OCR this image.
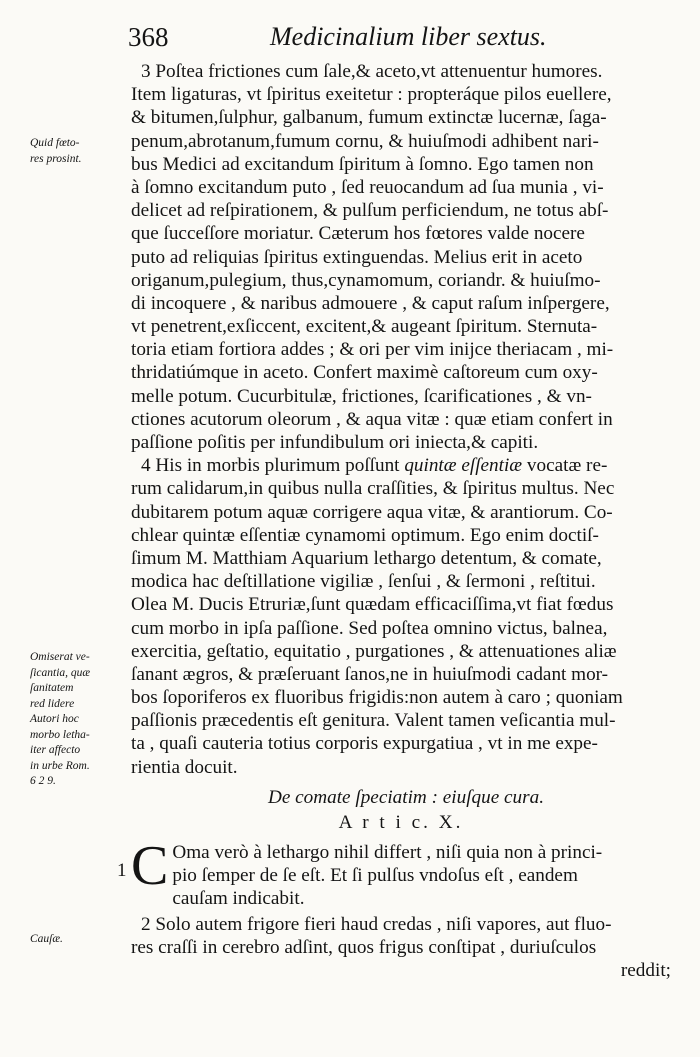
368	Medicinalium liber sextus.
Quid fœto-
res prosint.
Omiserat ve-
ſicantia, quæ
ſanitatem
red lidere
Autori hoc
morbo letha-
iter affecto
in urbe Rom.
6 2 9.
Cauſæ.
3 Poſtea frictiones cum ſale,& aceto,vt attenuentur humores.
Item ligaturas, vt ſpiritus exeitetur : propteráque pilos euellere,
& bitumen,ſulphur, galbanum, fumum extinctæ lucernæ, ſaga-
penum,abrotanum,fumum cornu, & huiuſmodi adhibent nari-
bus Medici ad excitandum ſpiritum à ſomno. Ego tamen non
à ſomno excitandum puto , ſed reuocandum ad ſua munia , vi-
delicet ad reſpirationem, & pulſum perficiendum, ne totus abſ-
que ſucceſſore moriatur. Cæterum hos fœtores valde nocere
puto ad reliquias ſpiritus extinguendas. Melius erit in aceto
origanum,pulegium, thus,cynamomum, coriandr. & huiuſmo-
di incoquere , & naribus admouere , & caput raſum inſpergere,
vt penetrent,exſiccent, excitent,& augeant ſpiritum. Sternuta-
toria etiam fortiora addes ; & ori per vim inijce theriacam , mi-
thridatiúmque in aceto. Confert maximè caſtoreum cum oxy-
melle potum. Cucurbitulæ, frictiones, ſcarificationes , & vn-
ctiones acutorum oleorum , & aqua vitæ : quæ etiam confert in
paſſione poſitis per infundibulum ori iniecta,& capiti.
4 His in morbis plurimum poſſunt quintæ eſſentiæ vocatæ re-
rum calidarum,in quibus nulla craſſities, & ſpiritus multus. Nec
dubitarem potum aquæ corrigere aqua vitæ, & arantiorum. Co-
chlear quintæ eſſentiæ cynamomi optimum. Ego enim doctiſ-
ſimum M. Matthiam Aquarium lethargo detentum, & comate,
modica hac deſtillatione vigiliæ , ſenſui , & ſermoni , reſtitui.
Olea M. Ducis Etruriæ,ſunt quædam efficaciſſima,vt fiat fœdus
cum morbo in ipſa paſſione. Sed poſtea omnino victus, balnea,
exercitia, geſtatio, equitatio , purgationes , & attenuationes aliæ
ſanant ægros, & præſeruant ſanos,ne in huiuſmodi cadant mor-
bos ſoporiferos ex fluoribus frigidis:non autem à caro ; quoniam
paſſionis præcedentis eſt genitura. Valent tamen veſicantia mul-
ta , quaſi cauteria totius corporis expurgatiua , vt in me expe-
rientia docuit.
De comate ſpeciatim : eiuſque cura.
A r t i c. X.
C Oma verò à lethargo nihil differt , niſi quia non à princi-
pio ſemper de ſe eſt. Et ſi pulſus vndoſus eſt , eandem
cauſam indicabit.
1
2 Solo autem frigore fieri haud credas , niſi vapores, aut fluo-
res craſſi in cerebro adſint, quos frigus conſtipat , duriuſculos
reddit;
